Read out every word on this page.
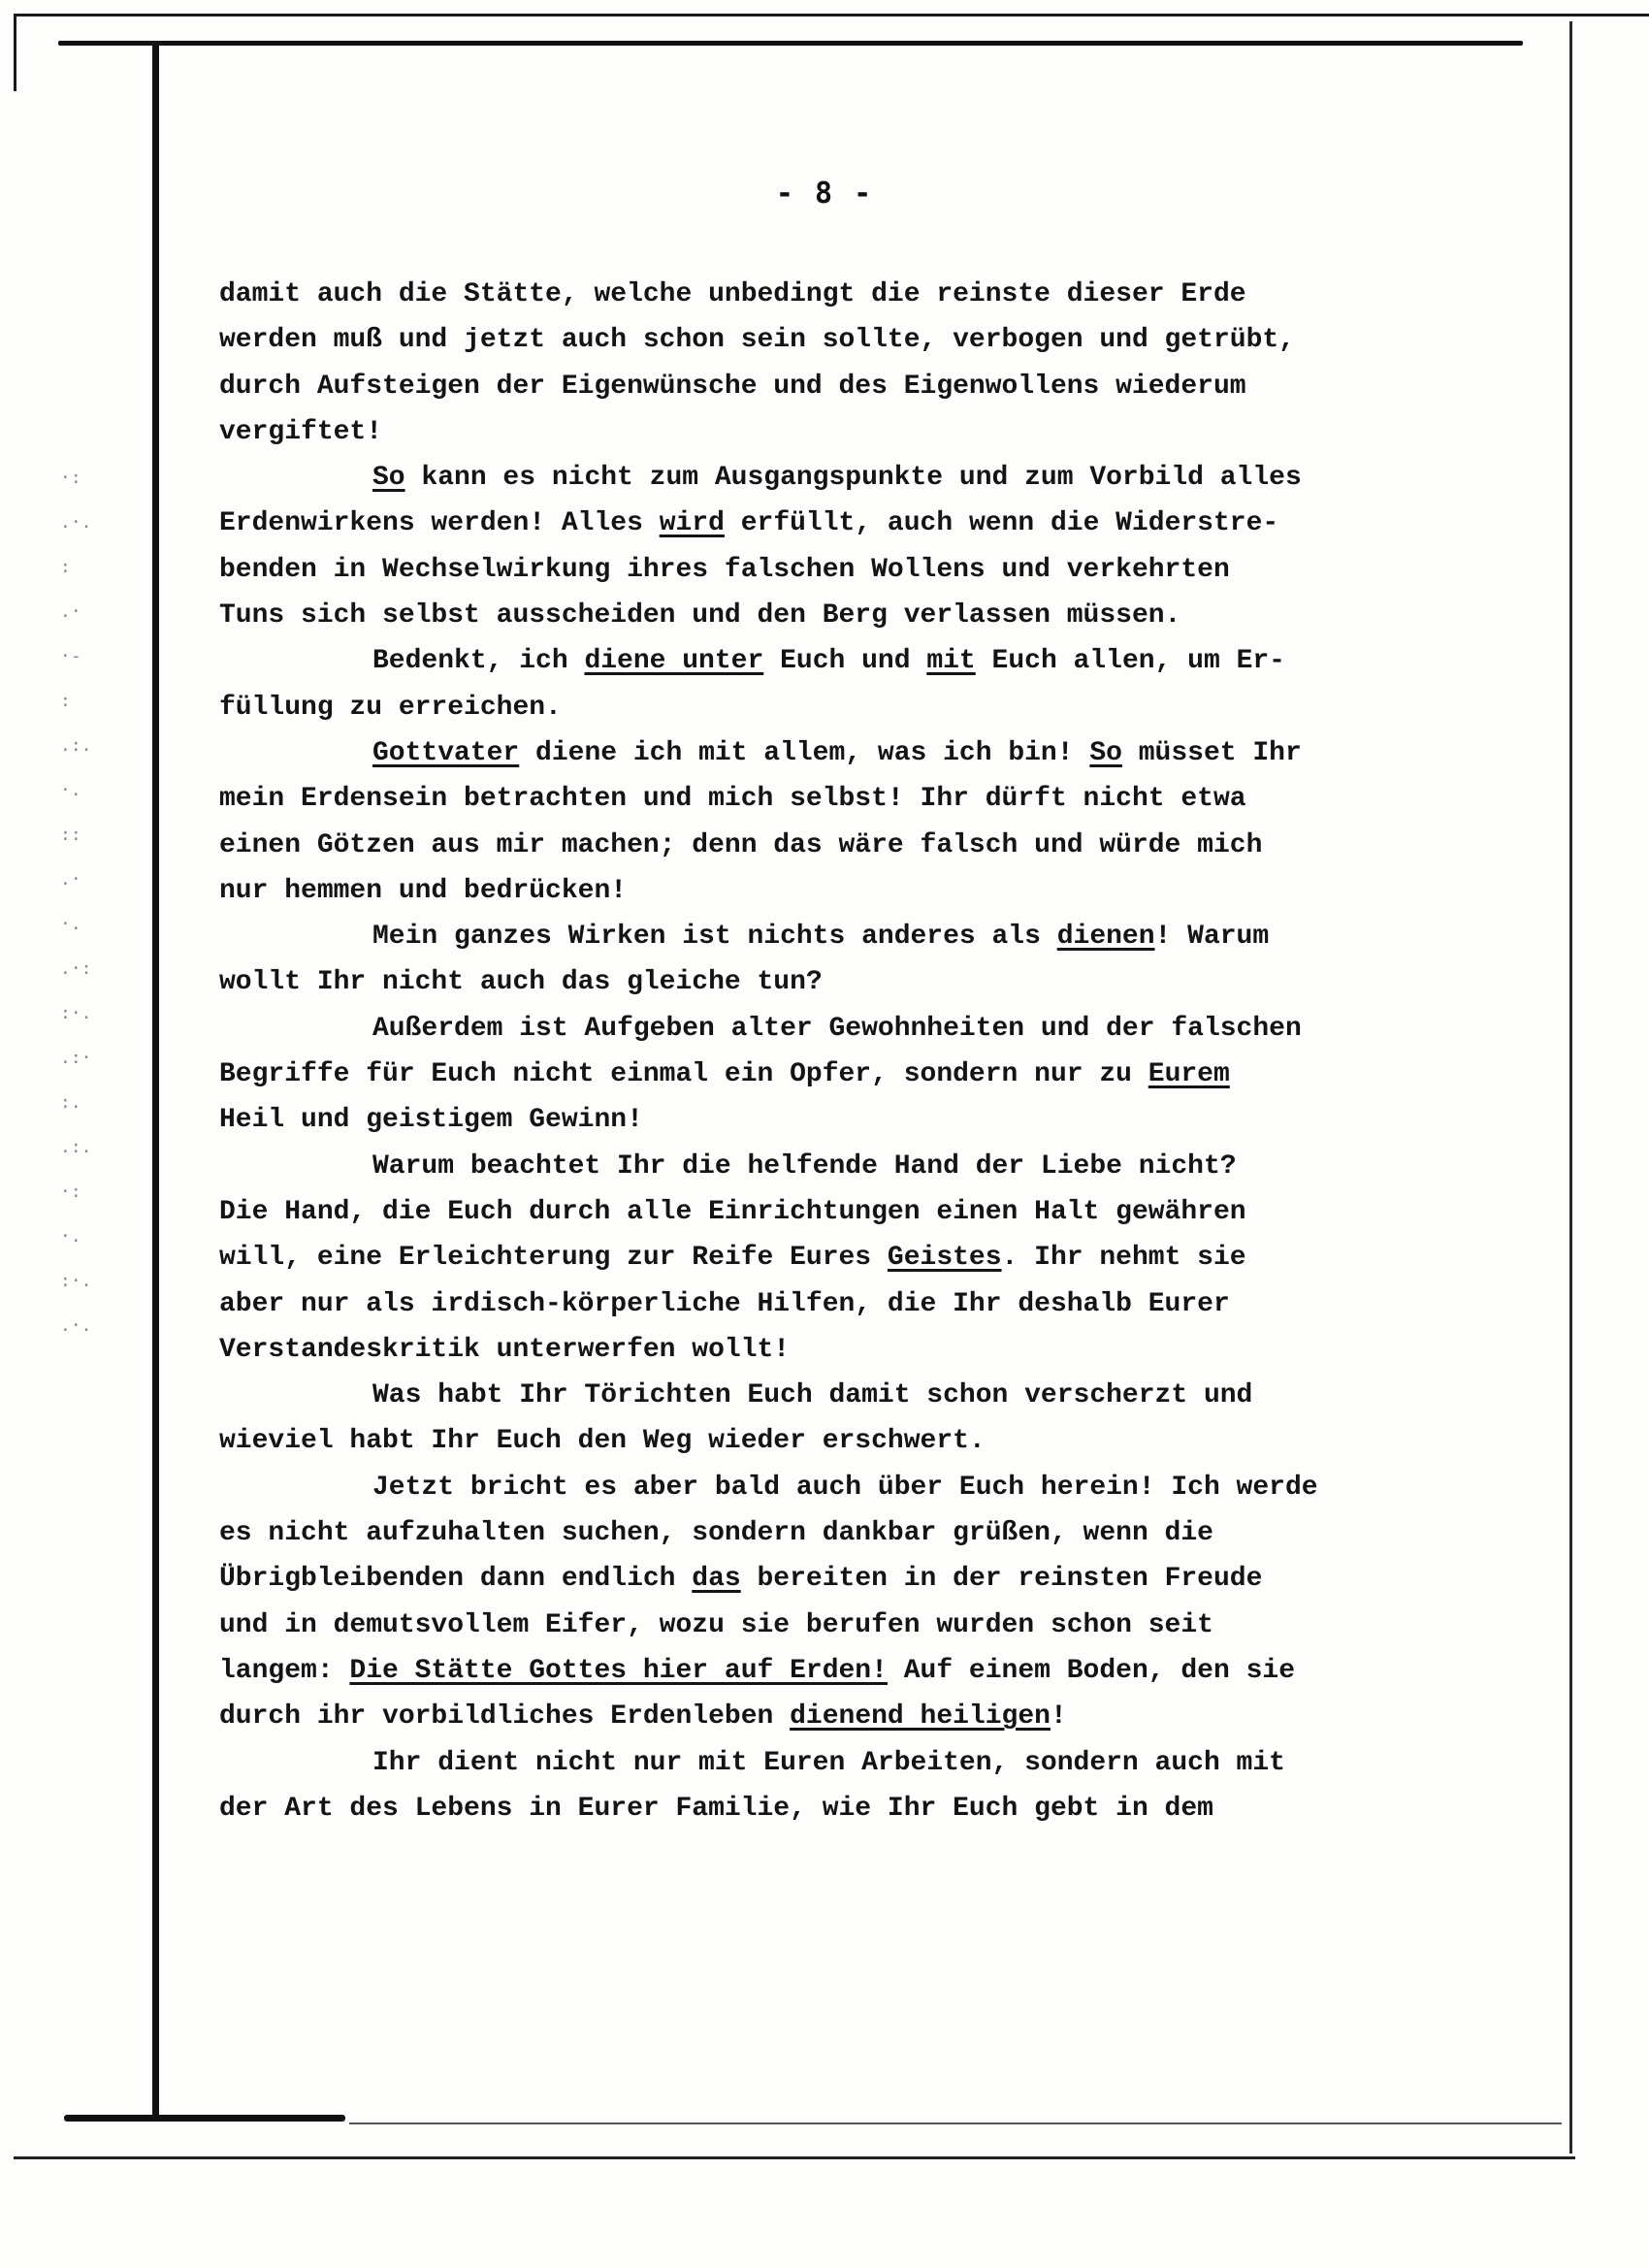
·:
.·.
:
.·
·-
:
.:.
·.
::
.·
·.
.·:
:·.
.:·
:.
.:.
·:
·.
:·.
.·.
- 8 -
damit auch die Stätte, welche unbedingt die reinste dieser Erde
werden muß und jetzt auch schon sein sollte, verbogen und getrübt,
durch Aufsteigen der Eigenwünsche und des Eigenwollens wiederum
vergiftet!
So kann es nicht zum Ausgangspunkte und zum Vorbild alles
Erdenwirkens werden! Alles wird erfüllt, auch wenn die Widerstre-
benden in Wechselwirkung ihres falschen Wollens und verkehrten
Tuns sich selbst ausscheiden und den Berg verlassen müssen.
Bedenkt, ich diene unter Euch und mit Euch allen, um Er-
füllung zu erreichen.
Gottvater diene ich mit allem, was ich bin! So müsset Ihr
mein Erdensein betrachten und mich selbst! Ihr dürft nicht etwa
einen Götzen aus mir machen; denn das wäre falsch und würde mich
nur hemmen und bedrücken!
Mein ganzes Wirken ist nichts anderes als dienen! Warum
wollt Ihr nicht auch das gleiche tun?
Außerdem ist Aufgeben alter Gewohnheiten und der falschen
Begriffe für Euch nicht einmal ein Opfer, sondern nur zu Eurem
Heil und geistigem Gewinn!
Warum beachtet Ihr die helfende Hand der Liebe nicht?
Die Hand, die Euch durch alle Einrichtungen einen Halt gewähren
will, eine Erleichterung zur Reife Eures Geistes. Ihr nehmt sie
aber nur als irdisch-körperliche Hilfen, die Ihr deshalb Eurer
Verstandeskritik unterwerfen wollt!
Was habt Ihr Törichten Euch damit schon verscherzt und
wieviel habt Ihr Euch den Weg wieder erschwert.
Jetzt bricht es aber bald auch über Euch herein! Ich werde
es nicht aufzuhalten suchen, sondern dankbar grüßen, wenn die
Übrigbleibenden dann endlich das bereiten in der reinsten Freude
und in demutsvollem Eifer, wozu sie berufen wurden schon seit
langem: Die Stätte Gottes hier auf Erden! Auf einem Boden, den sie
durch ihr vorbildliches Erdenleben dienend heiligen!
Ihr dient nicht nur mit Euren Arbeiten, sondern auch mit
der Art des Lebens in Eurer Familie, wie Ihr Euch gebt in dem
